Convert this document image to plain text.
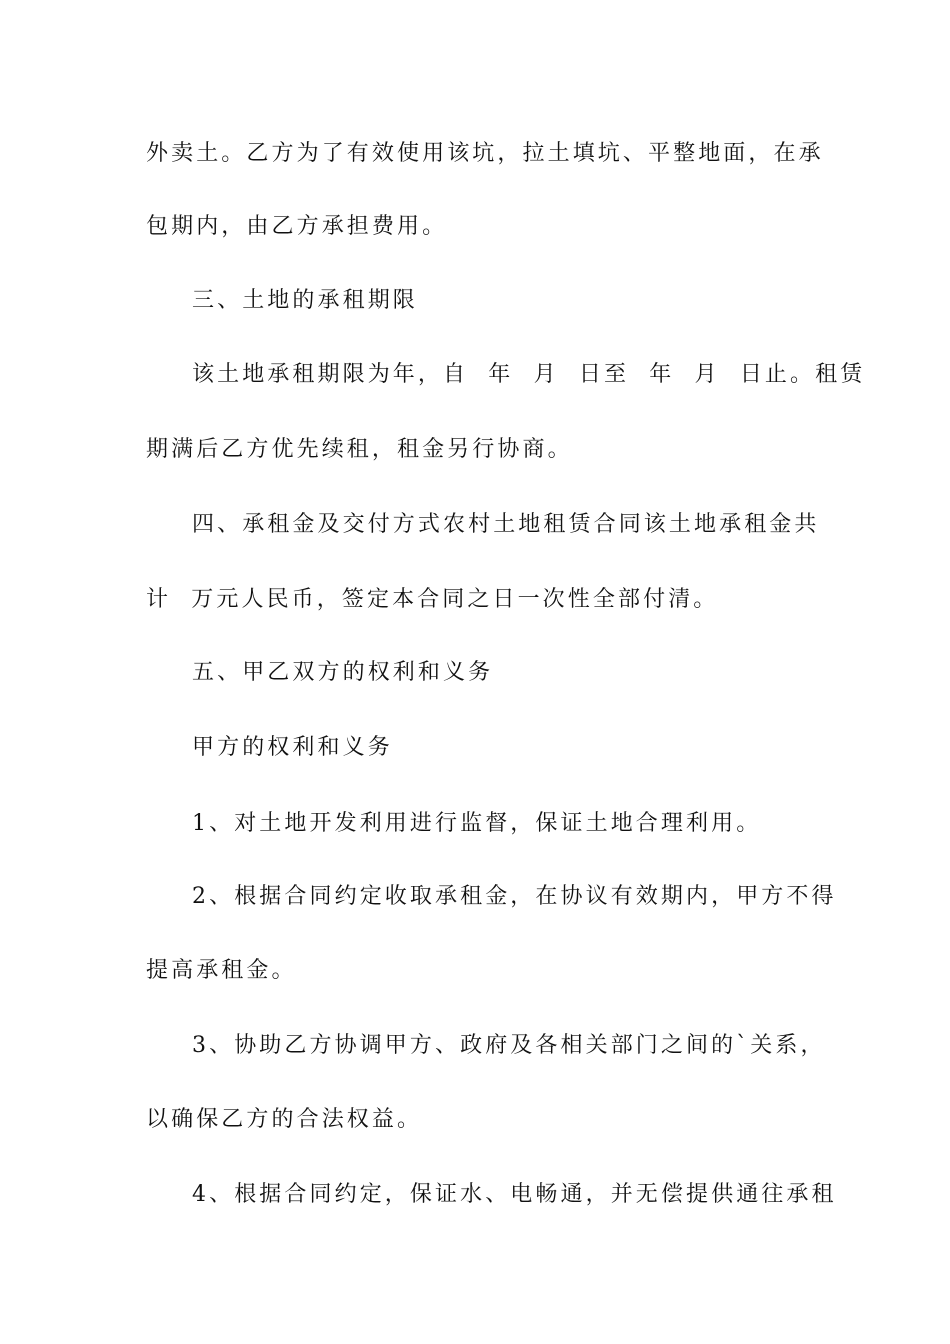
外卖土。乙方为了有效使用该坑，拉土填坑、平整地面，在承
包期内，由乙方承担费用。
三、土地的承租期限
该土地承租期限为年，自  年  月  日至  年  月  日止。租赁
期满后乙方优先续租，租金另行协商。
四、承租金及交付方式农村土地租赁合同该土地承租金共
计  万元人民币，签定本合同之日一次性全部付清。
五、甲乙双方的权利和义务
甲方的权利和义务
1、对土地开发利用进行监督，保证土地合理利用。
2、根据合同约定收取承租金，在协议有效期内，甲方不得
提高承租金。
3、协助乙方协调甲方、政府及各相关部门之间的`关系，
以确保乙方的合法权益。
4、根据合同约定，保证水、电畅通，并无偿提供通往承租
